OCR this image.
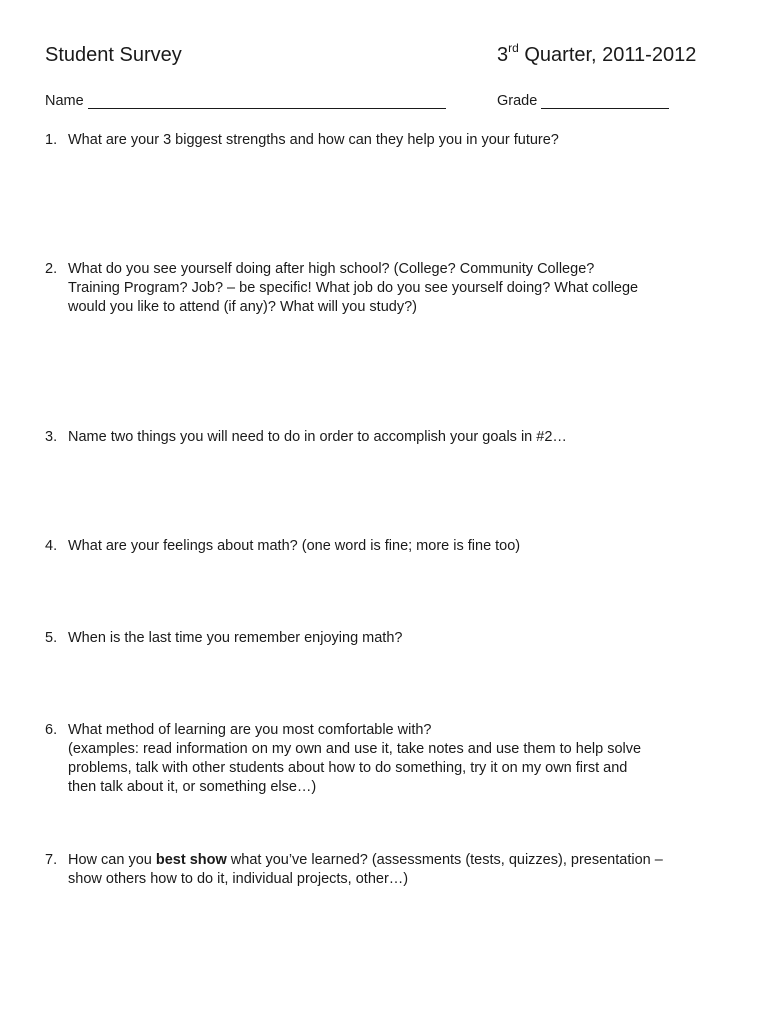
Student Survey	3rd Quarter, 2011-2012
Name	Grade
1. What are your 3 biggest strengths and how can they help you in your future?
2. What do you see yourself doing after high school? (College? Community College?
Training Program? Job? – be specific! What job do you see yourself doing? What college
would you like to attend (if any)? What will you study?)
3. Name two things you will need to do in order to accomplish your goals in #2…
4. What are your feelings about math? (one word is fine; more is fine too)
5. When is the last time you remember enjoying math?
6. What method of learning are you most comfortable with?
(examples: read information on my own and use it, take notes and use them to help solve
problems, talk with other students about how to do something, try it on my own first and
then talk about it, or something else…)
7. How can you best show what you’ve learned? (assessments (tests, quizzes), presentation –
show others how to do it, individual projects, other…)
